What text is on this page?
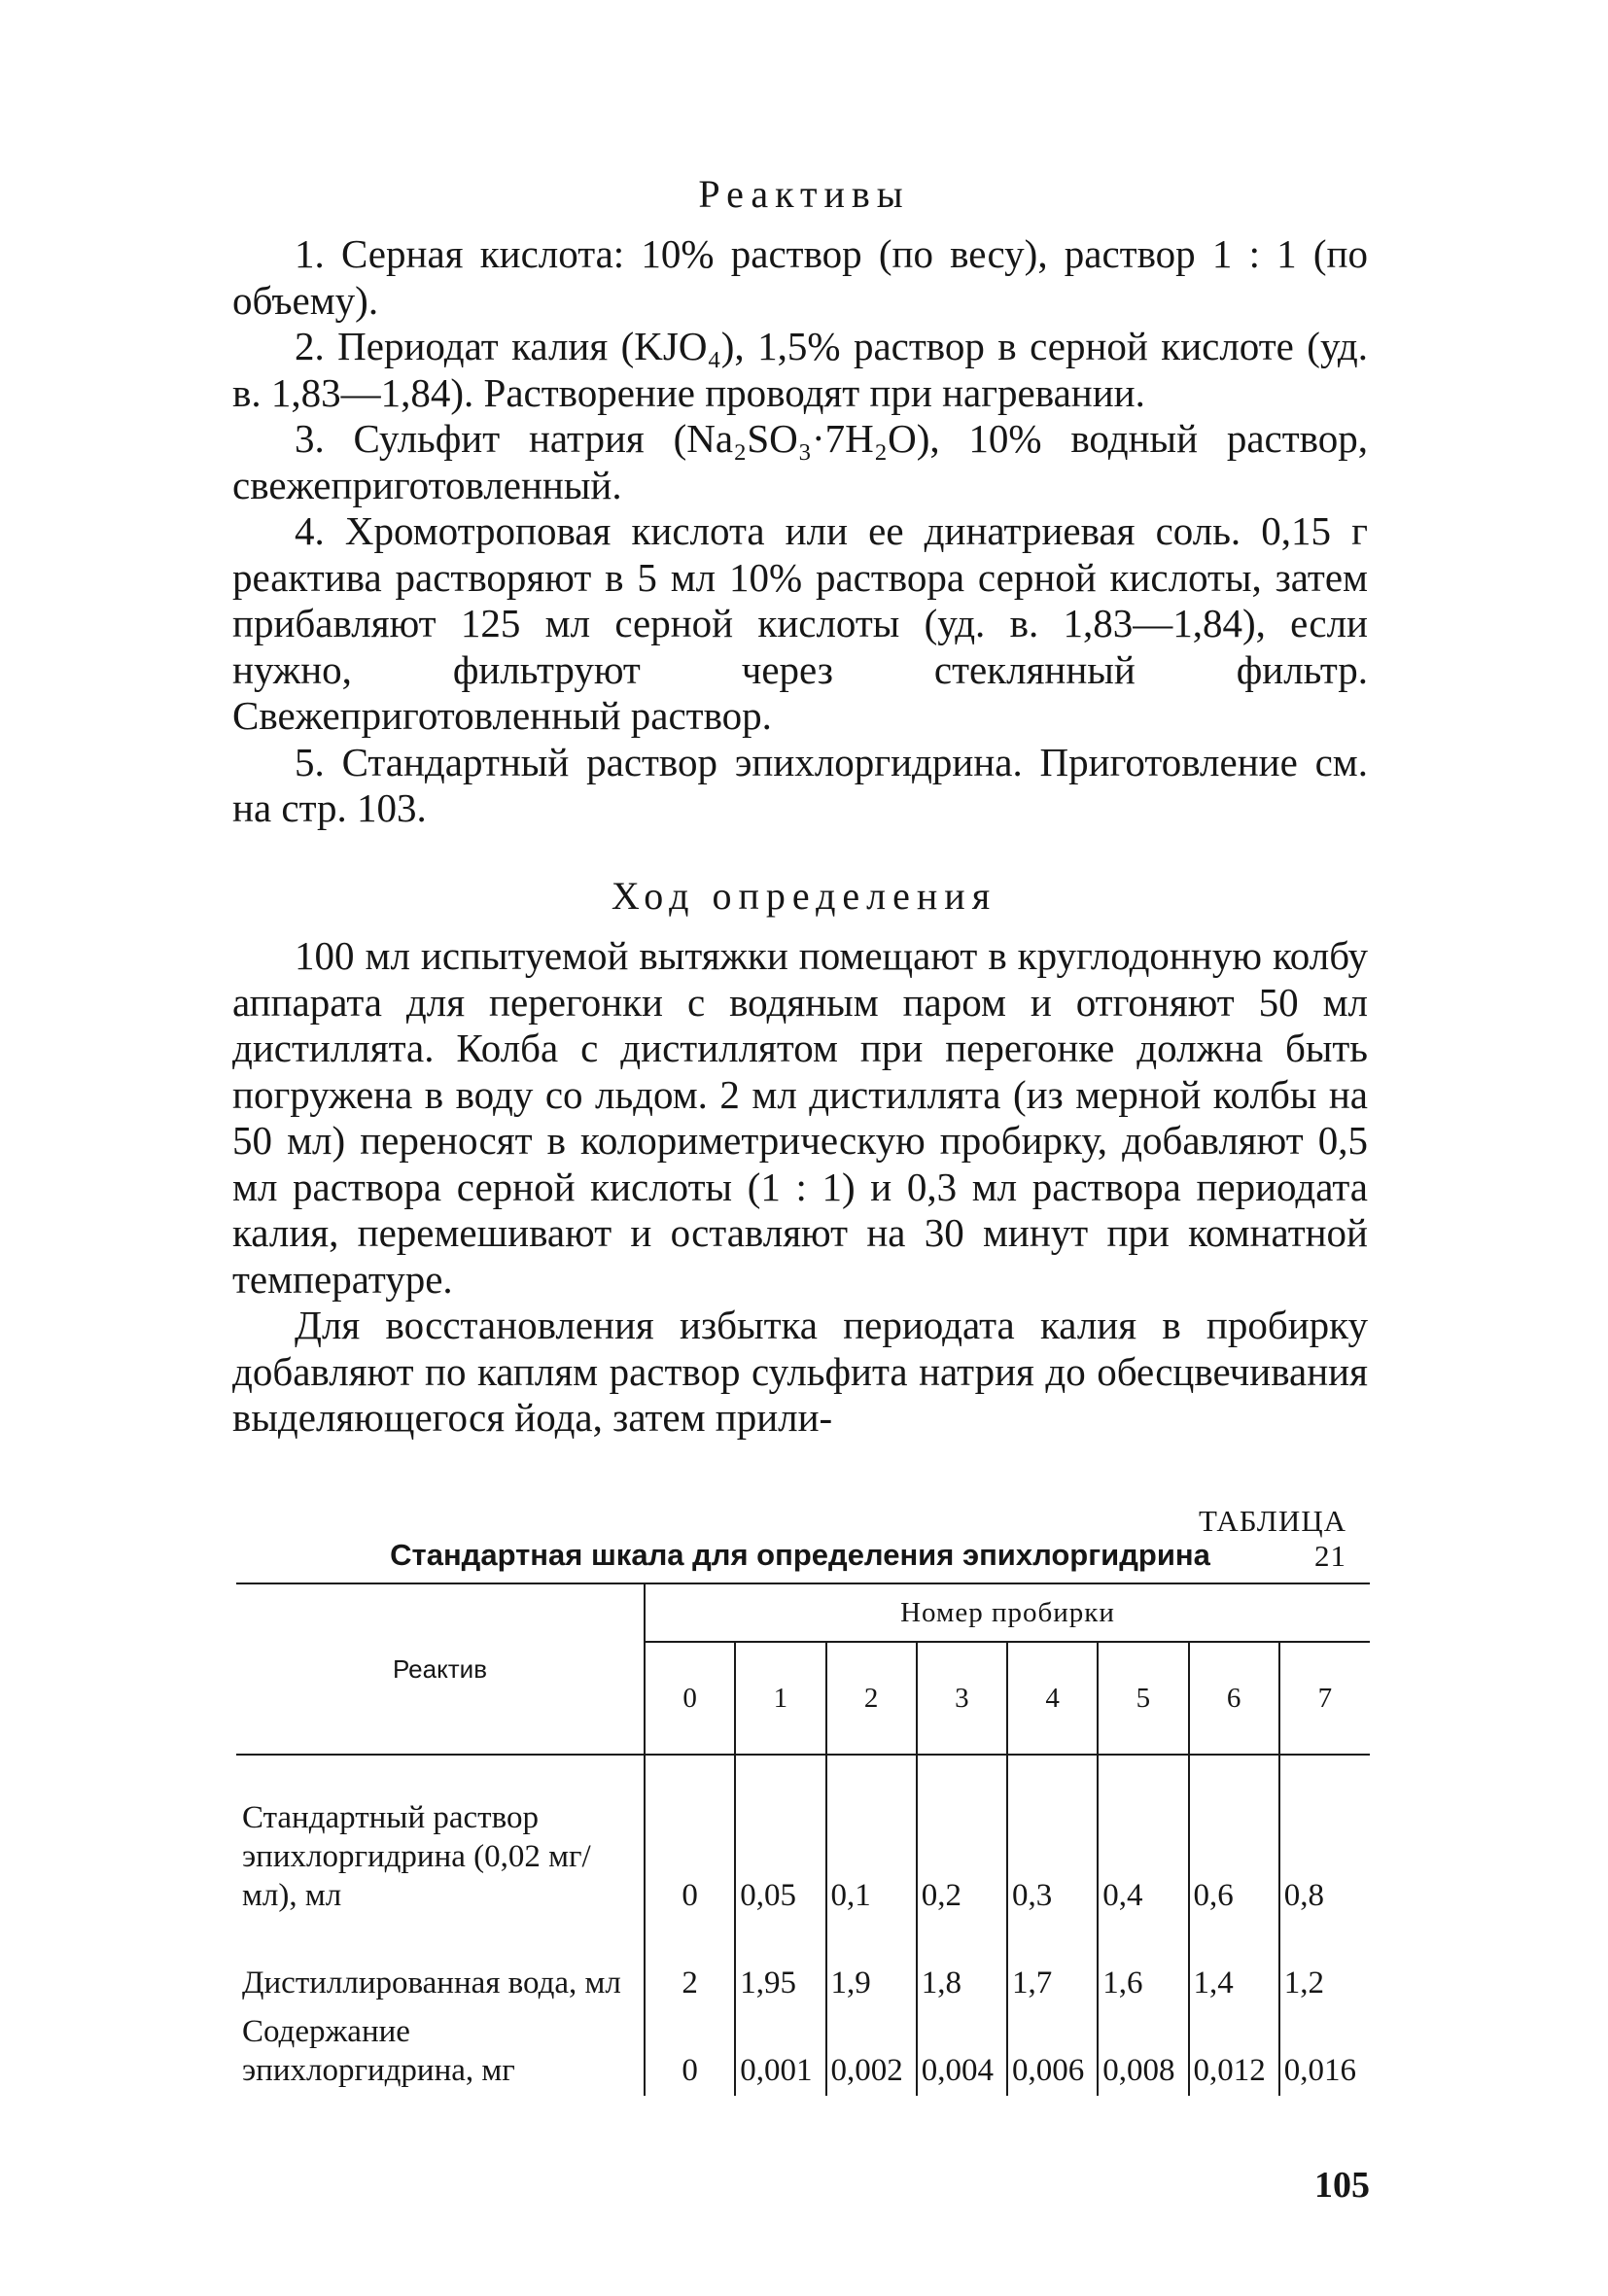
Реактивы

1. Серная кислота: 10% раствор (по весу), раствор 1 : 1 (по объему).

2. Периодат калия (KJO₄), 1,5% раствор в серной кислоте (уд. в. 1,83—1,84). Растворение проводят при нагревании.

3. Сульфит натрия (Na₂SO₃·7H₂O), 10% водный раствор, свежеприготовленный.

4. Хромотроповая кислота или ее динатриевая соль. 0,15 г реактива растворяют в 5 мл 10% раствора серной кислоты, затем прибавляют 125 мл серной кислоты (уд. в. 1,83—1,84), если нужно, фильтруют через стеклянный фильтр. Свежеприготовленный раствор.

5. Стандартный раствор эпихлоргидрина. Приготовление см. на стр. 103.

Ход определения

100 мл испытуемой вытяжки помещают в круглодонную колбу аппарата для перегонки с водяным паром и отгоняют 50 мл дистиллята. Колба с дистиллятом при перегонке должна быть погружена в воду со льдом. 2 мл дистиллята (из мерной колбы на 50 мл) переносят в колориметрическую пробирку, добавляют 0,5 мл раствора серной кислоты (1 : 1) и 0,3 мл раствора периодата калия, перемешивают и оставляют на 30 минут при комнатной температуре.

Для восстановления избытка периодата калия в пробирку добавляют по каплям раствор сульфита натрия до обесцвечивания выделяющегося йода, затем прили-

ТАБЛИЦА 21
Стандартная шкала для определения эпихлоргидрина
Реактив	Номер пробирки							
	0	1	2	3	4	5	6	7

Стандартный раствор эпихлоргидрина (0,02 мг/мл), мл	0	0,05	0,1	0,2	0,3	0,4	0,6	0,8
Дистиллированная вода, мл	2	1,95	1,9	1,8	1,7	1,6	1,4	1,2
Содержание эпихлоргидрина, мг	0	0,001	0,002	0,004	0,006	0,008	0,012	0,016
105
